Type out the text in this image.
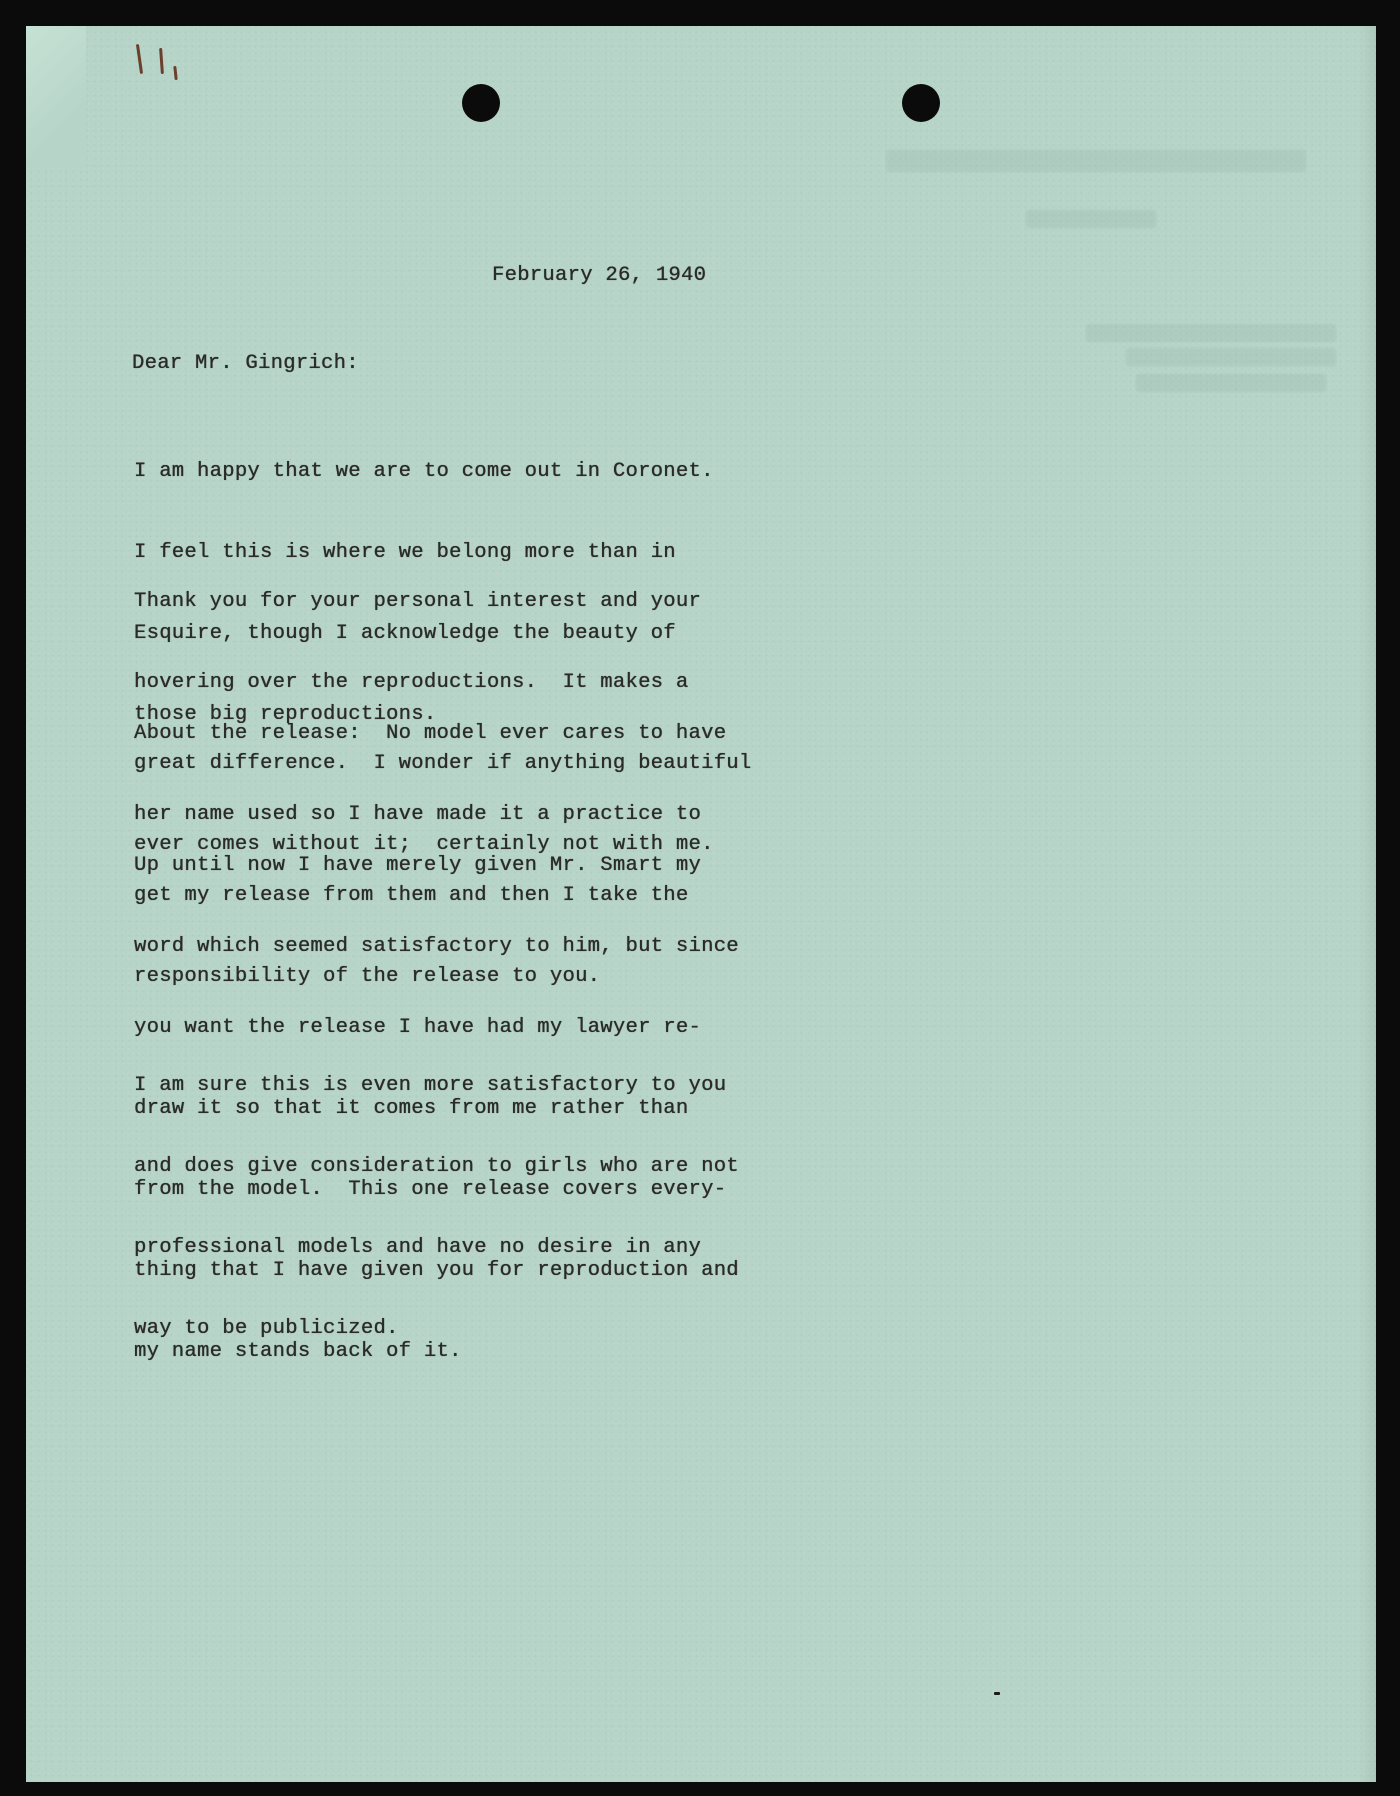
February 26, 1940
Dear Mr. Gingrich:

I am happy that we are to come out in Coronet.

I feel this is where we belong more than in

Esquire, though I acknowledge the beauty of

those big reproductions.

Thank you for your personal interest and your

hovering over the reproductions.  It makes a

great difference.  I wonder if anything beautiful

ever comes without it;  certainly not with me.

About the release:  No model ever cares to have

her name used so I have made it a practice to

get my release from them and then I take the

responsibility of the release to you.

Up until now I have merely given Mr. Smart my

word which seemed satisfactory to him, but since

you want the release I have had my lawyer re-

draw it so that it comes from me rather than

from the model.  This one release covers every-

thing that I have given you for reproduction and

my name stands back of it.

I am sure this is even more satisfactory to you

and does give consideration to girls who are not

professional models and have no desire in any

way to be publicized.
